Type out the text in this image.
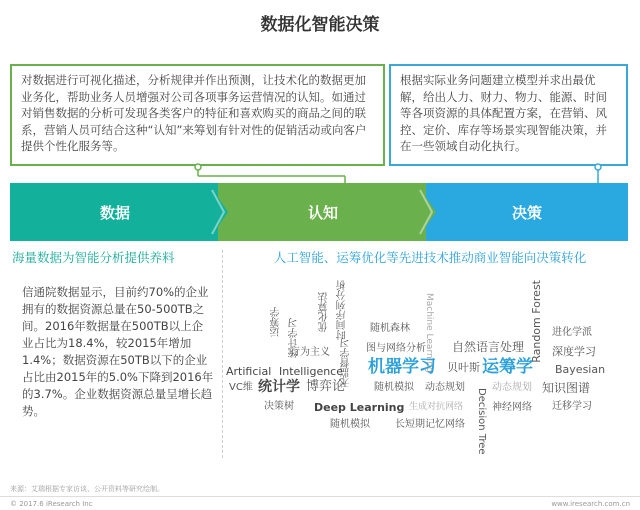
数据化智能决策
对数据进行可视化描述，分析规律并作出预测，让技术化的数据更加业务化，帮助业务人员增强对公司各项事务运营情况的认知。如通过对销售数据的分析可发现各类客户的特征和喜欢购买的商品之间的联系，营销人员可结合这种“认知”来筹划有针对性的促销活动或向客户提供个性化服务等。
根据实际业务问题建立模型并求出最优解，给出人力、财力、物力、能源、时间等各项资源的具体配置方案，在营销、风控、定价、库存等场景实现智能决策，并在一些领域自动化执行。
数据	认知	决策
海量数据为智能分析提供养料
信通院数据显示，目前约70%的企业拥有的数据资源总量在50-500TB之间。2016年数据量在500TB以上企业占比为18.4%，较2015年增加1.4%；数据资源在50TB以下的企业占比由2015年的5.0%下降到2016年的3.7%。企业数据资源总量呈增长趋势。
人工智能、运筹优化等先进技术推动商业智能向决策转化
运筹学	优化算法 时间序列分析
统计学习	随机森林 Machine Learning	Random Forest 进化学派
深度学习
行为主义	图与网络分析 自然语言处理
无监督学习	Bayesian
Artificial Intelligence 机器学习	运筹学
VC维 统计学 博弈论	随机模拟 动态规划
贝叶斯
动态规划 知识图谱
决策树 Deep Learning 生成对抗网络	神经网络 迁移学习
随机模拟	长短期记忆网络 Decision Tree
来源：艾瑞根据专家访谈、公开资料等研究绘制。
© 2017.6 iResearch Inc	www.iresearch.com.cn
